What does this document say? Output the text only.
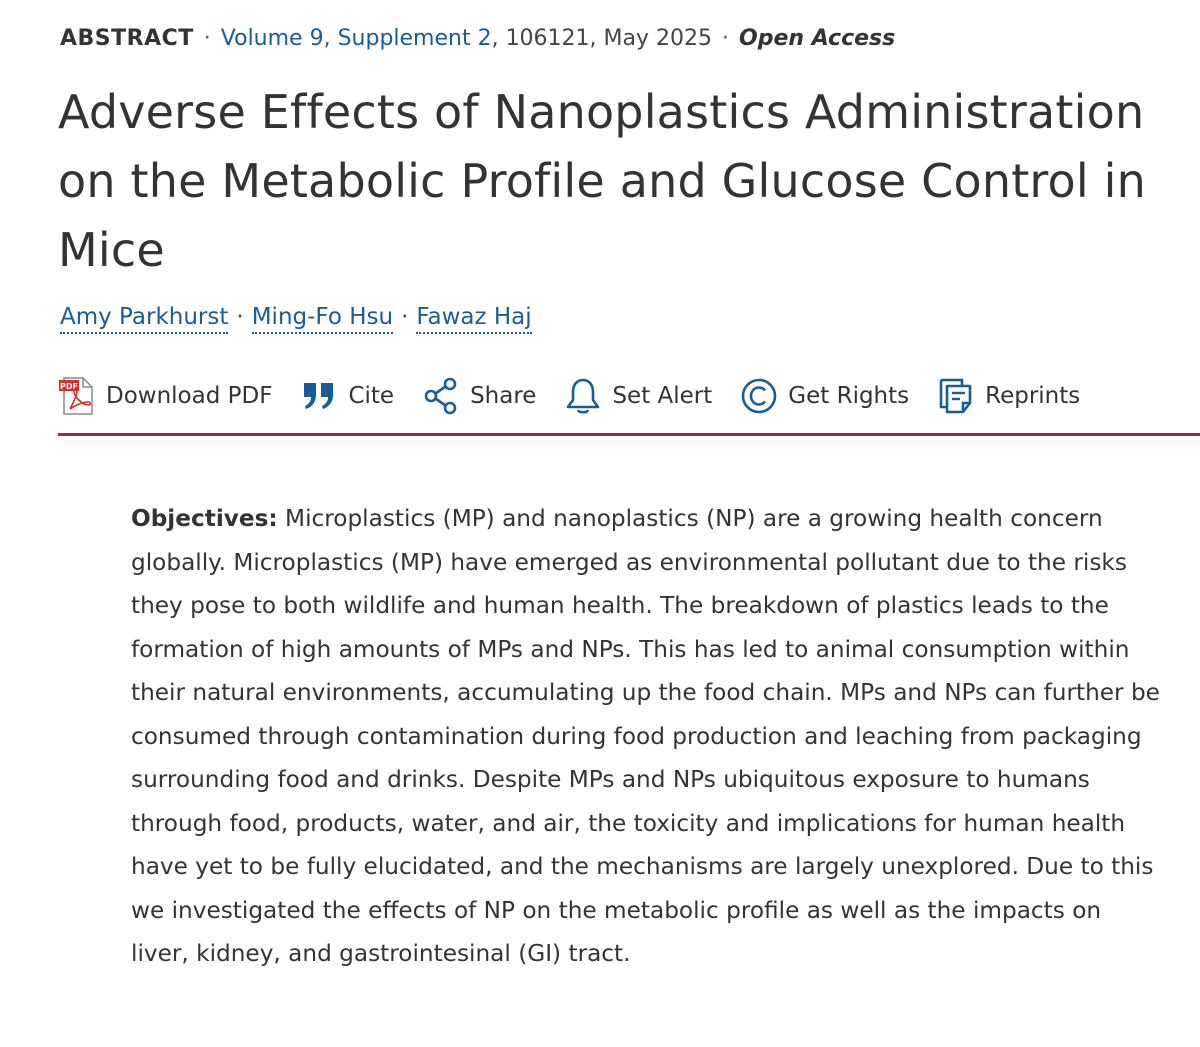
ABSTRACT · Volume 9, Supplement 2, 106121, May 2025 · Open Access
Adverse Effects of Nanoplastics Administration on the Metabolic Profile and Glucose Control in Mice
Amy Parkhurst · Ming-Fo Hsu · Fawaz Haj
PDF Download PDF	Cite	Share	Set Alert	Get Rights	Reprints

Objectives: Microplastics (MP) and nanoplastics (NP) are a growing health concern globally. Microplastics (MP) have emerged as environmental pollutant due to the risks they pose to both wildlife and human health. The breakdown of plastics leads to the formation of high amounts of MPs and NPs. This has led to animal consumption within their natural environments, accumulating up the food chain. MPs and NPs can further be consumed through contamination during food production and leaching from packaging surrounding food and drinks. Despite MPs and NPs ubiquitous exposure to humans through food, products, water, and air, the toxicity and implications for human health have yet to be fully elucidated, and the mechanisms are largely unexplored. Due to this we investigated the effects of NP on the metabolic profile as well as the impacts on liver, kidney, and gastrointesinal (GI) tract.
